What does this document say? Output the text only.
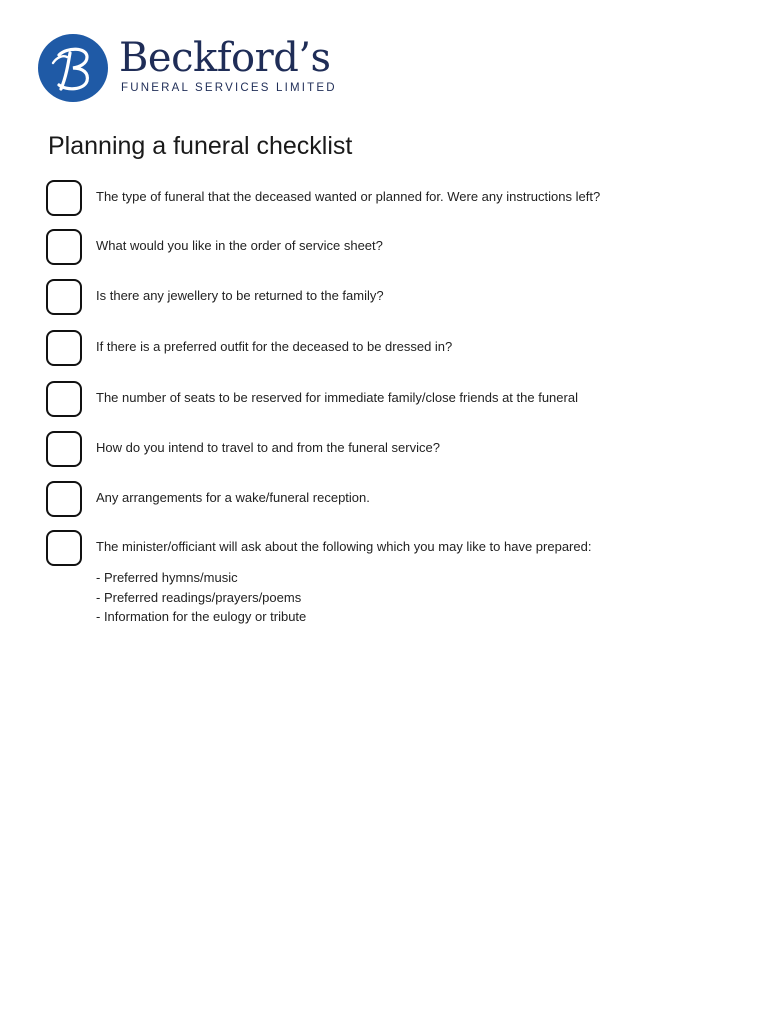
Beckford’s
FUNERAL SERVICES LIMITED
Planning a funeral checklist
The type of funeral that the deceased wanted or planned for. Were any instructions left?
What would you like in the order of service sheet?
Is there any jewellery to be returned to the family?
If there is a preferred outfit for the deceased to be dressed in?
The number of seats to be reserved for immediate family/close friends at the funeral
How do you intend to travel to and from the funeral service?
Any arrangements for a wake/funeral reception.
The minister/officiant will ask about the following which you may like to have prepared:
- Preferred hymns/music
- Preferred readings/prayers/poems
- Information for the eulogy or tribute
